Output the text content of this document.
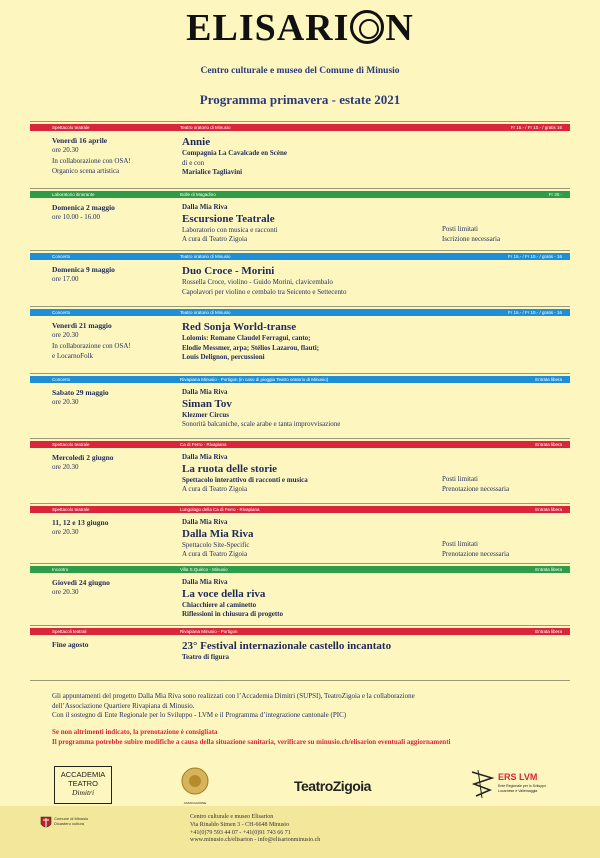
ELISARI N
Centro culturale e museo del Comune di Minusio
Programma primavera - estate 2021
Spettacolo teatrale	Teatro oratorio di Minusio	Fr 15.- / Fr 10.- / gratis 16
Venerdì 16 aprile
ore 20.30
In collaborazione con OSA!
Organico scena artistica
Annie
Compagnia La Cavalcade en Scène
di e con
Marialice Tagliavini
Laboratorio itinerante	Bolle di Magadino	Fr 30.-
Domenica 2 maggio
ore 10.00 - 16.00
Dalla Mia Riva
Escursione Teatrale
Laboratorio con musica e racconti
A cura di Teatro Zigoia
Posti limitati
Iscrizione necessaria
Concerto	Teatro oratorio di Minusio	Fr 15.- / Fr 10.- / gratis - 16
Domenica 9 maggio
ore 17.00
Duo Croce - Morini
Rossella Croce, violino - Guido Morini, clavicembalo
Capolavori per violino e cembalo tra Seicento e Settecento
Concerto	Teatro oratorio di Minusio	Fr 15.- / Fr 10.- / gratis - 16
Venerdì 21 maggio
ore 20.30
In collaborazione con OSA!
e LocarnoFolk
Red Sonja World-transe
Lolomis: Romane Claudel Ferragui, canto;
Elodie Messmer, arpa; Stélios Lazarou, flauti;
Louis Delignon, percussioni
Concerto	Rivapiana Minusio - Portigon (in caso di pioggia Teatro oratorio di Minusio)	Entrata libera
Sabato 29 maggio
ore 20.30
Dalla Mia Riva
Siman Tov
Klezmer Circus
Sonorità balcaniche, scale arabe e tanta improvvisazione
Spettacolo teatrale	Ca di Ferro - Rivapiana	Entrata libera
Mercoledì 2 giugno
ore 20.30
Dalla Mia Riva
La ruota delle storie
Spettacolo interattivo di racconti e musica
A cura di Teatro Zigoia
Posti limitati
Prenotazione necessaria
Spettacolo teatrale	Lungolago della Ca di Ferro - Rivapiana	Entrata libera
11, 12 e 13 giugno
ore 20.30
Dalla Mia Riva
Dalla Mia Riva
Spettacolo Site-Specific
A cura di Teatro Zigoia
Posti limitati
Prenotazione necessaria
Incontro	Villa S.Quirico - Minusio	Entrata libera
Giovedì 24 giugno
ore 20.30
Dalla Mia Riva
La voce della riva
Chiacchiere al caminetto
Riflessioni in chiusura di progetto
Spettacoli teatrali	Rivapiana Minusio - Portigon	Entrata libera
Fine agosto	23° Festival internazionale castello incantato
Teatro di figura
Gli appuntamenti del progetto Dalla Mia Riva sono realizzati con l’Accademia Dimitri (SUPSI), TeatroZigoia e la collaborazione
dell’Associazione Quartiere Rivapiana di Minusio.
Con il sostegno di Ente Regionale per lo Sviluppo - LVM e il Programma d’integrazione cantonale (PIC)
Se non altrimenti indicato, la prenotazione è consigliata
Il programma potrebbe subire modifiche a causa della situazione sanitaria, verificare su minusio.ch/elisarion eventuali aggiornamenti
ACCADEMIA
TEATRO
Dimitri
ASSOCIAZIONE
TeatroZigoia
ERS LVM
Ente Regionale per lo Sviluppo
Locarnese e Vallemaggia
Comune di Minusio
Dicastero cultura
Centro culturale e museo Elisarion
Via Rinaldo Simen 3 - CH-6648 Minusio
+41(0)79 593 44 07 - +41(0)91 743 66 71
www.minusio.ch/elisarion - info@elisarionminusio.ch
